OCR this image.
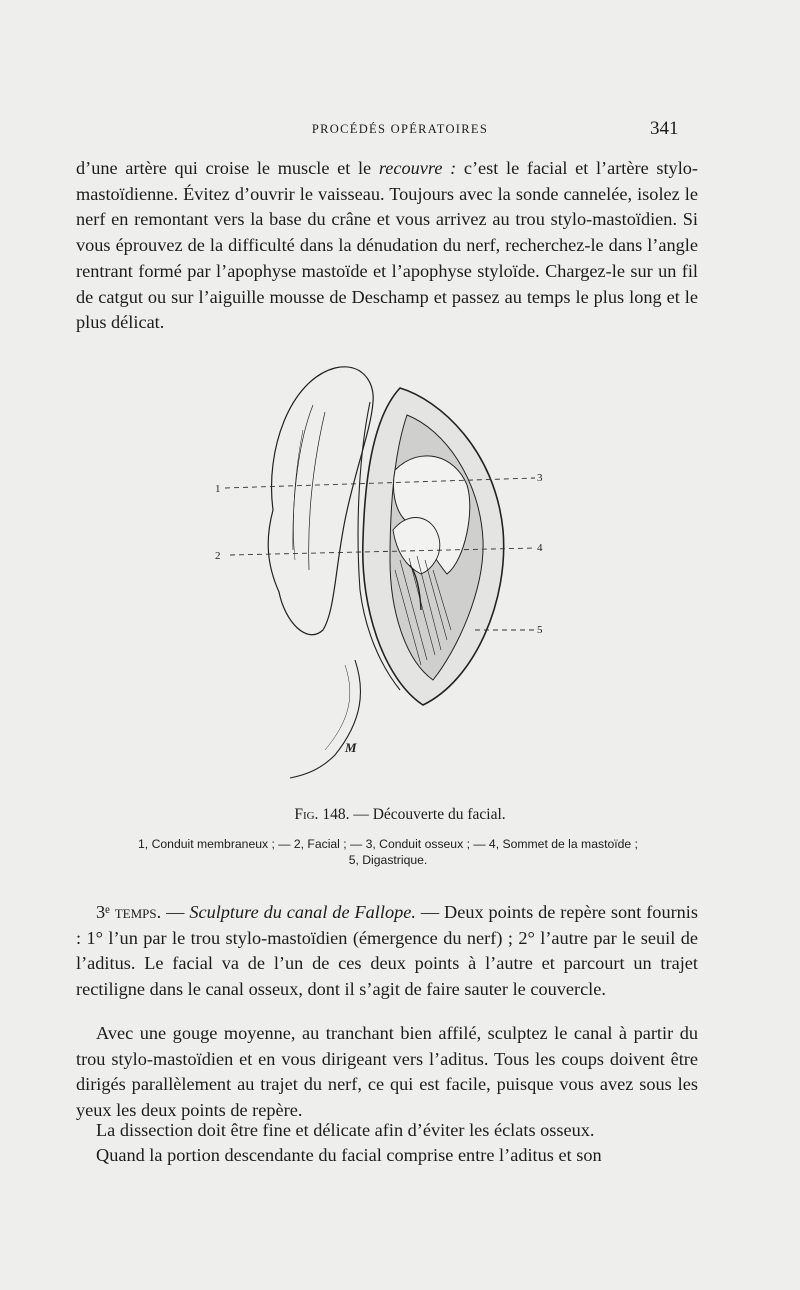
PROCÉDÉS OPÉRATOIRES	341

d’une artère qui croise le muscle et le recouvre : c’est le facial et l’artère stylo-mastoïdienne. Évitez d’ouvrir le vaisseau. Toujours avec la sonde cannelée, isolez le nerf en remontant vers la base du crâne et vous arrivez au trou stylo-mastoïdien. Si vous éprouvez de la difficulté dans la dénudation du nerf, recherchez-le dans l’angle rentrant formé par l’apophyse mastoïde et l’apophyse styloïde. Chargez-le sur un fil de catgut ou sur l’aiguille mousse de Deschamp et passez au temps le plus long et le plus délicat.

1
2
3
4
5
M
Fig. 148. — Découverte du facial.
1, Conduit membraneux ; — 2, Facial ; — 3, Conduit osseux ; — 4, Sommet de la mastoïde ;
5, Digastrique.

3ᵉ temps. — Sculpture du canal de Fallope. — Deux points de repère sont fournis : 1° l’un par le trou stylo-mastoïdien (émergence du nerf) ; 2° l’autre par le seuil de l’aditus. Le facial va de l’un de ces deux points à l’autre et parcourt un trajet rectiligne dans le canal osseux, dont il s’agit de faire sauter le couvercle.

Avec une gouge moyenne, au tranchant bien affilé, sculptez le canal à partir du trou stylo-mastoïdien et en vous dirigeant vers l’aditus. Tous les coups doivent être dirigés parallèlement au trajet du nerf, ce qui est facile, puisque vous avez sous les yeux les deux points de repère.

La dissection doit être fine et délicate afin d’éviter les éclats osseux.

Quand la portion descendante du facial comprise entre l’aditus et son
